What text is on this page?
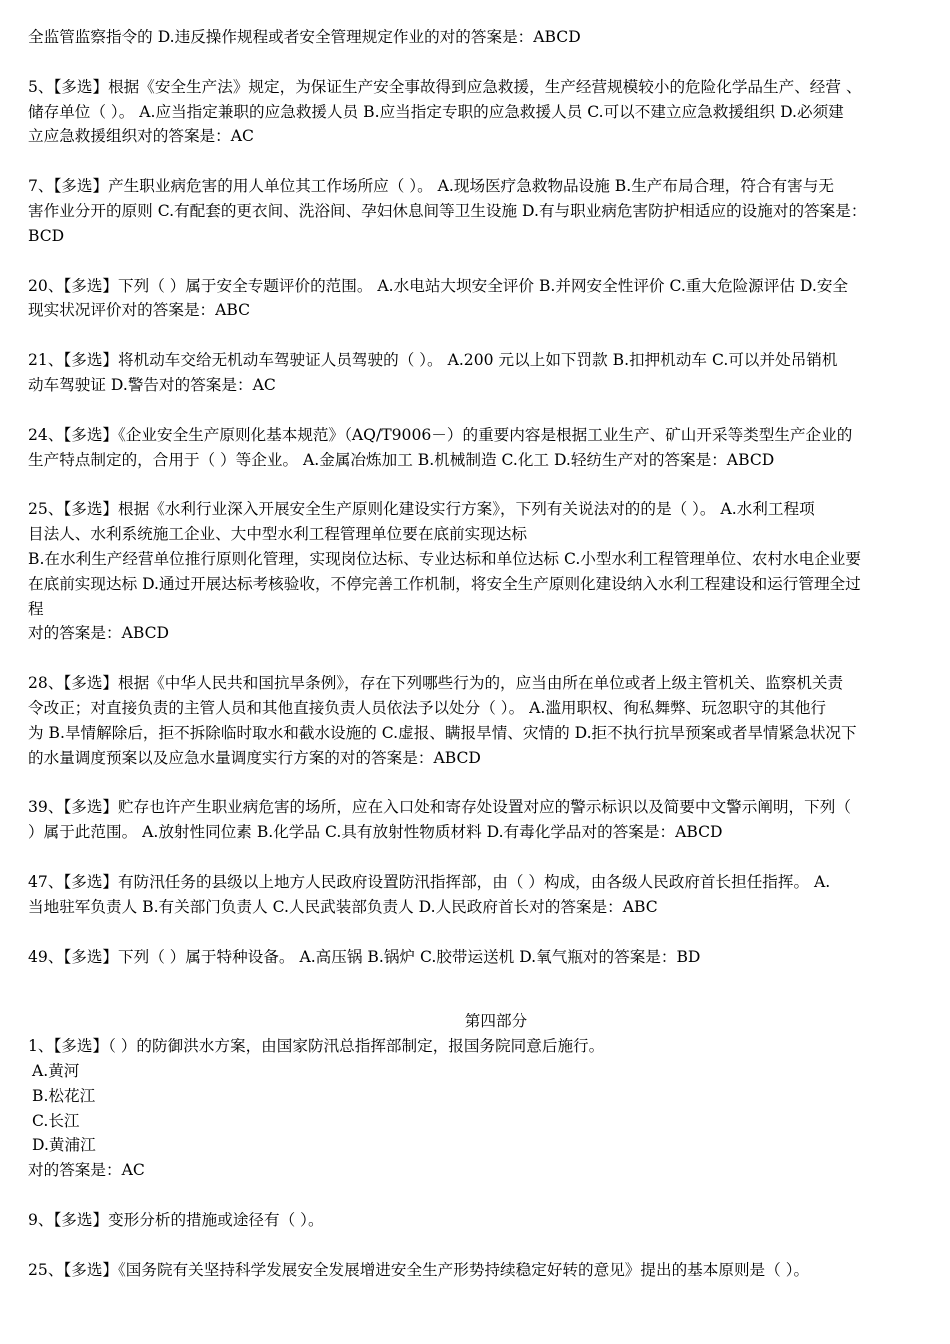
全监管监察指令的 D.违反操作规程或者安全管理规定作业的对的答案是：ABCD
5、【多选】根据《安全生产法》规定，为保证生产安全事故得到应急救援，生产经营规模较小的危险化学品生产、经营 、
储存单位（ ）。 A.应当指定兼职的应急救援人员 B.应当指定专职的应急救援人员 C.可以不建立应急救援组织 D.必须建
立应急救援组织对的答案是：AC
7、【多选】产生职业病危害的用人单位其工作场所应（ ）。 A.现场医疗急救物品设施 B.生产布局合理，符合有害与无
害作业分开的原则 C.有配套的更衣间、洗浴间、孕妇休息间等卫生设施 D.有与职业病危害防护相适应的设施对的答案是：
BCD
20、【多选】下列（ ）属于安全专题评价的范围。 A.水电站大坝安全评价 B.并网安全性评价 C.重大危险源评估 D.安全
现实状况评价对的答案是：ABC
21、【多选】将机动车交给无机动车驾驶证人员驾驶的（ ）。 A.200 元以上如下罚款 B.扣押机动车 C.可以并处吊销机
动车驾驶证 D.警告对的答案是：AC
24、【多选】《企业安全生产原则化基本规范》（AQ/T9006－）的重要内容是根据工业生产、矿山开采等类型生产企业的
生产特点制定的，合用于（ ）等企业。 A.金属冶炼加工 B.机械制造 C.化工 D.轻纺生产对的答案是：ABCD
25、【多选】根据《水利行业深入开展安全生产原则化建设实行方案》，下列有关说法对的的是（ ）。 A.水利工程项
目法人、水利系统施工企业、大中型水利工程管理单位要在底前实现达标
B.在水利生产经营单位推行原则化管理，实现岗位达标、专业达标和单位达标 C.小型水利工程管理单位、农村水电企业要
在底前实现达标 D.通过开展达标考核验收，不停完善工作机制，将安全生产原则化建设纳入水利工程建设和运行管理全过
程
对的答案是：ABCD
28、【多选】根据《中华人民共和国抗旱条例》，存在下列哪些行为的，应当由所在单位或者上级主管机关、监察机关责
令改正；对直接负责的主管人员和其他直接负责人员依法予以处分（ ）。 A.滥用职权、徇私舞弊、玩忽职守的其他行
为 B.旱情解除后，拒不拆除临时取水和截水设施的 C.虚报、瞒报旱情、灾情的 D.拒不执行抗旱预案或者旱情紧急状况下
的水量调度预案以及应急水量调度实行方案的对的答案是：ABCD
39、【多选】贮存也许产生职业病危害的场所，应在入口处和寄存处设置对应的警示标识以及简要中文警示阐明，下列（
）属于此范围。 A.放射性同位素 B.化学品 C.具有放射性物质材料 D.有毒化学品对的答案是：ABCD
47、【多选】有防汛任务的县级以上地方人民政府设置防汛指挥部，由（ ）构成，由各级人民政府首长担任指挥。 A.
当地驻军负责人 B.有关部门负责人 C.人民武装部负责人 D.人民政府首长对的答案是：ABC
49、【多选】下列（ ）属于特种设备。 A.高压锅 B.锅炉 C.胶带运送机 D.氧气瓶对的答案是：BD
第四部分
1、【多选】（ ）的防御洪水方案，由国家防汛总指挥部制定，报国务院同意后施行。
A.黄河
B.松花江
C.长江
D.黄浦江
对的答案是：AC
9、【多选】变形分析的措施或途径有（ ）。
25、【多选】《国务院有关坚持科学发展安全发展增进安全生产形势持续稳定好转的意见》提出的基本原则是（ ）。
